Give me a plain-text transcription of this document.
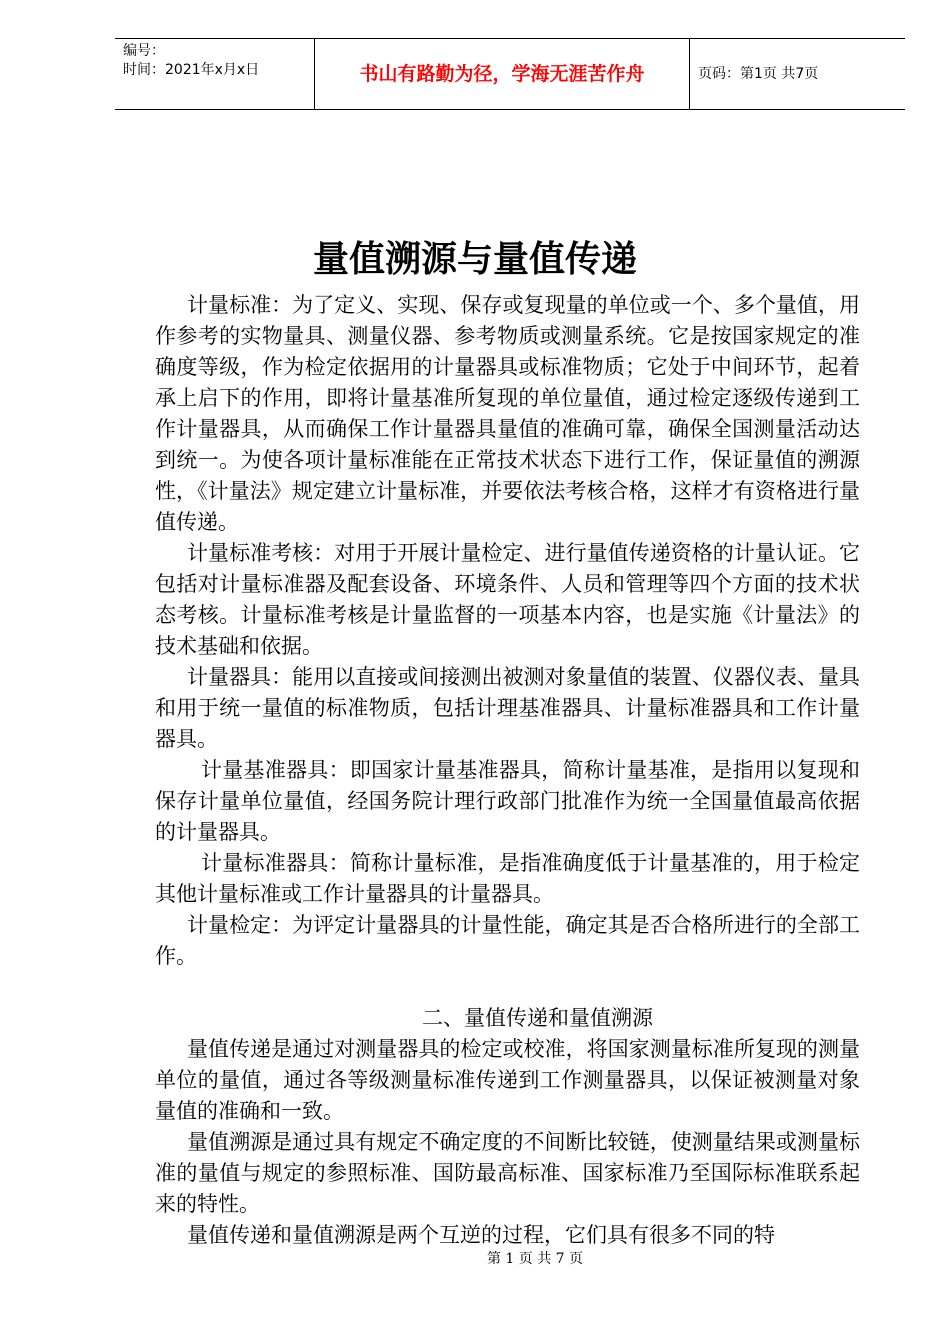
编号：
时间：2021年x月x日	书山有路勤为径，学海无涯苦作舟	页码：第1页 共7页
量值溯源与量值传递

计量标准：为了定义、实现、保存或复现量的单位或一个、多个量值，用作参考的实物量具、测量仪器、参考物质或测量系统。它是按国家规定的准确度等级，作为检定依据用的计量器具或标准物质；它处于中间环节，起着承上启下的作用，即将计量基准所复现的单位量值，通过检定逐级传递到工作计量器具，从而确保工作计量器具量值的准确可靠，确保全国测量活动达到统一。为使各项计量标准能在正常技术状态下进行工作，保证量值的溯源性，《计量法》规定建立计量标准，并要依法考核合格，这样才有资格进行量值传递。

计量标准考核：对用于开展计量检定、进行量值传递资格的计量认证。它包括对计量标准器及配套设备、环境条件、人员和管理等四个方面的技术状态考核。计量标准考核是计量监督的一项基本内容，也是实施《计量法》的技术基础和依据。

计量器具：能用以直接或间接测出被测对象量值的装置、仪器仪表、量具和用于统一量值的标准物质，包括计理基准器具、计量标准器具和工作计量器具。

计量基准器具：即国家计量基准器具，简称计量基准，是指用以复现和保存计量单位量值，经国务院计理行政部门批准作为统一全国量值最高依据的计量器具。

计量标准器具：简称计量标准，是指准确度低于计量基准的，用于检定其他计量标准或工作计量器具的计量器具。

计量检定：为评定计量器具的计量性能，确定其是否合格所进行的全部工作。

二、量值传递和量值溯源

量值传递是通过对测量器具的检定或校准，将国家测量标准所复现的测量单位的量值，通过各等级测量标准传递到工作测量器具，以保证被测量对象量值的准确和一致。

量值溯源是通过具有规定不确定度的不间断比较链，使测量结果或测量标准的量值与规定的参照标准、国防最高标准、国家标准乃至国际标准联系起来的特性。

量值传递和量值溯源是两个互逆的过程，它们具有很多不同的特

第 1 页 共 7 页
